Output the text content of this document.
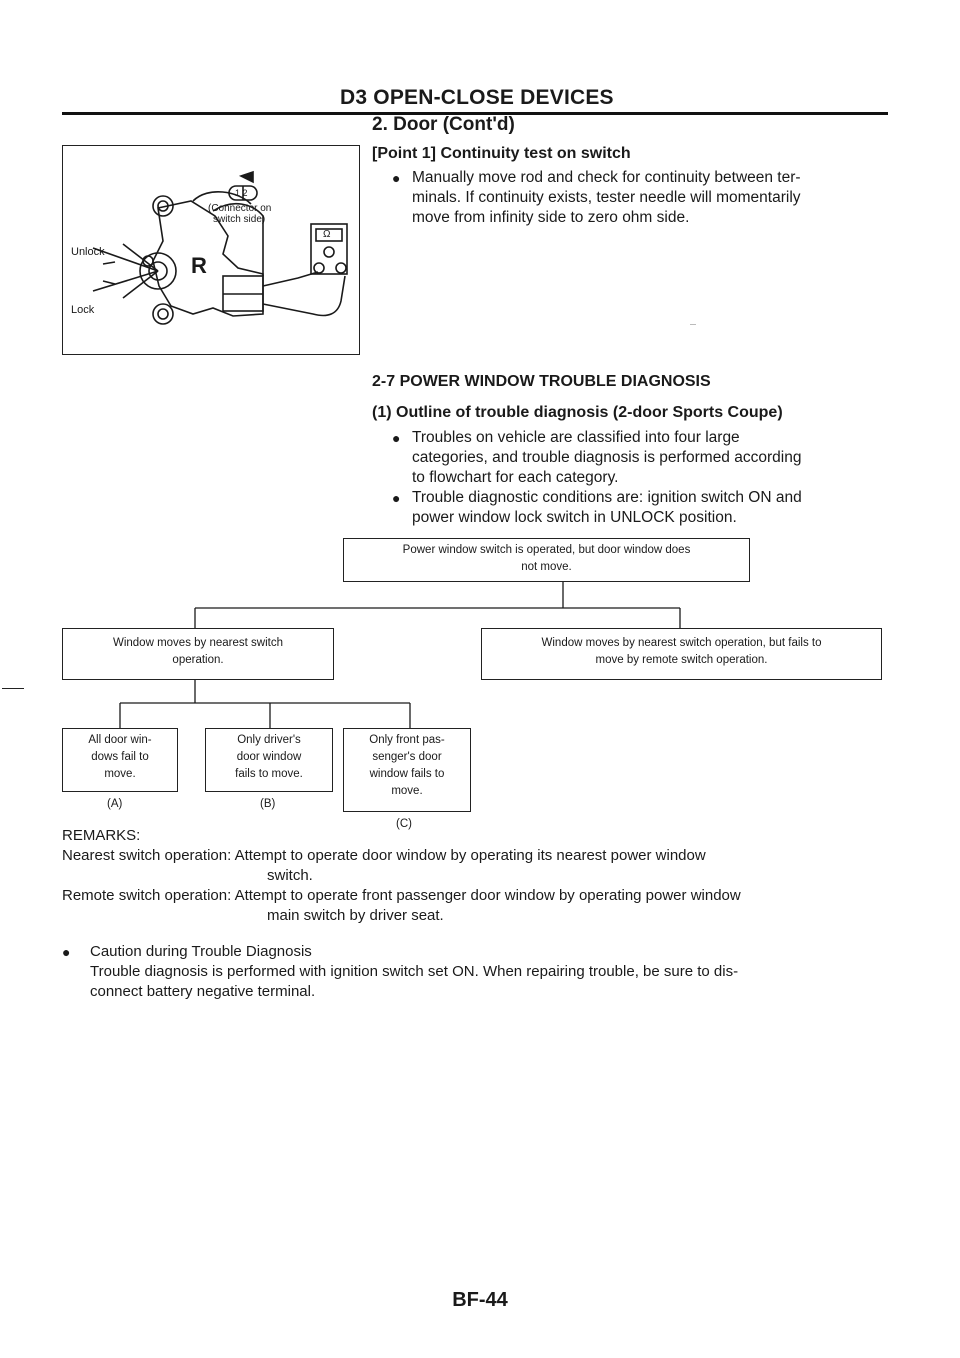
D3 OPEN-CLOSE DEVICES
2. Door (Cont'd)
[Point 1] Continuity test on switch
● Manually move rod and check for continuity between ter-
minals. If continuity exists, tester needle will momentarily
move from infinity side to zero ohm side.
Unlock
Lock
R
1 2
(Connector on
switch side)
Ω
2-7 POWER WINDOW TROUBLE DIAGNOSIS
(1) Outline of trouble diagnosis (2-door Sports Coupe)
● Troubles on vehicle are classified into four large
categories, and trouble diagnosis is performed according
to flowchart for each category.
● Trouble diagnostic conditions are: ignition switch ON and
power window lock switch in UNLOCK position.
Power window switch is operated, but door window does
not move.
Window moves by nearest switch
operation.
Window moves by nearest switch operation, but fails to
move by remote switch operation.
All door win-
dows fail to
move.
Only driver's
door window
fails to move.
Only front pas-
senger's door
window fails to
move.
(A)	(B)
(C)
REMARKS:
Nearest switch operation: Attempt to operate door window by operating its nearest power window
switch.
Remote switch operation: Attempt to operate front passenger door window by operating power window
main switch by driver seat.
●	Caution during Trouble Diagnosis
Trouble diagnosis is performed with ignition switch set ON. When repairing trouble, be sure to dis-
connect battery negative terminal.
BF-44
